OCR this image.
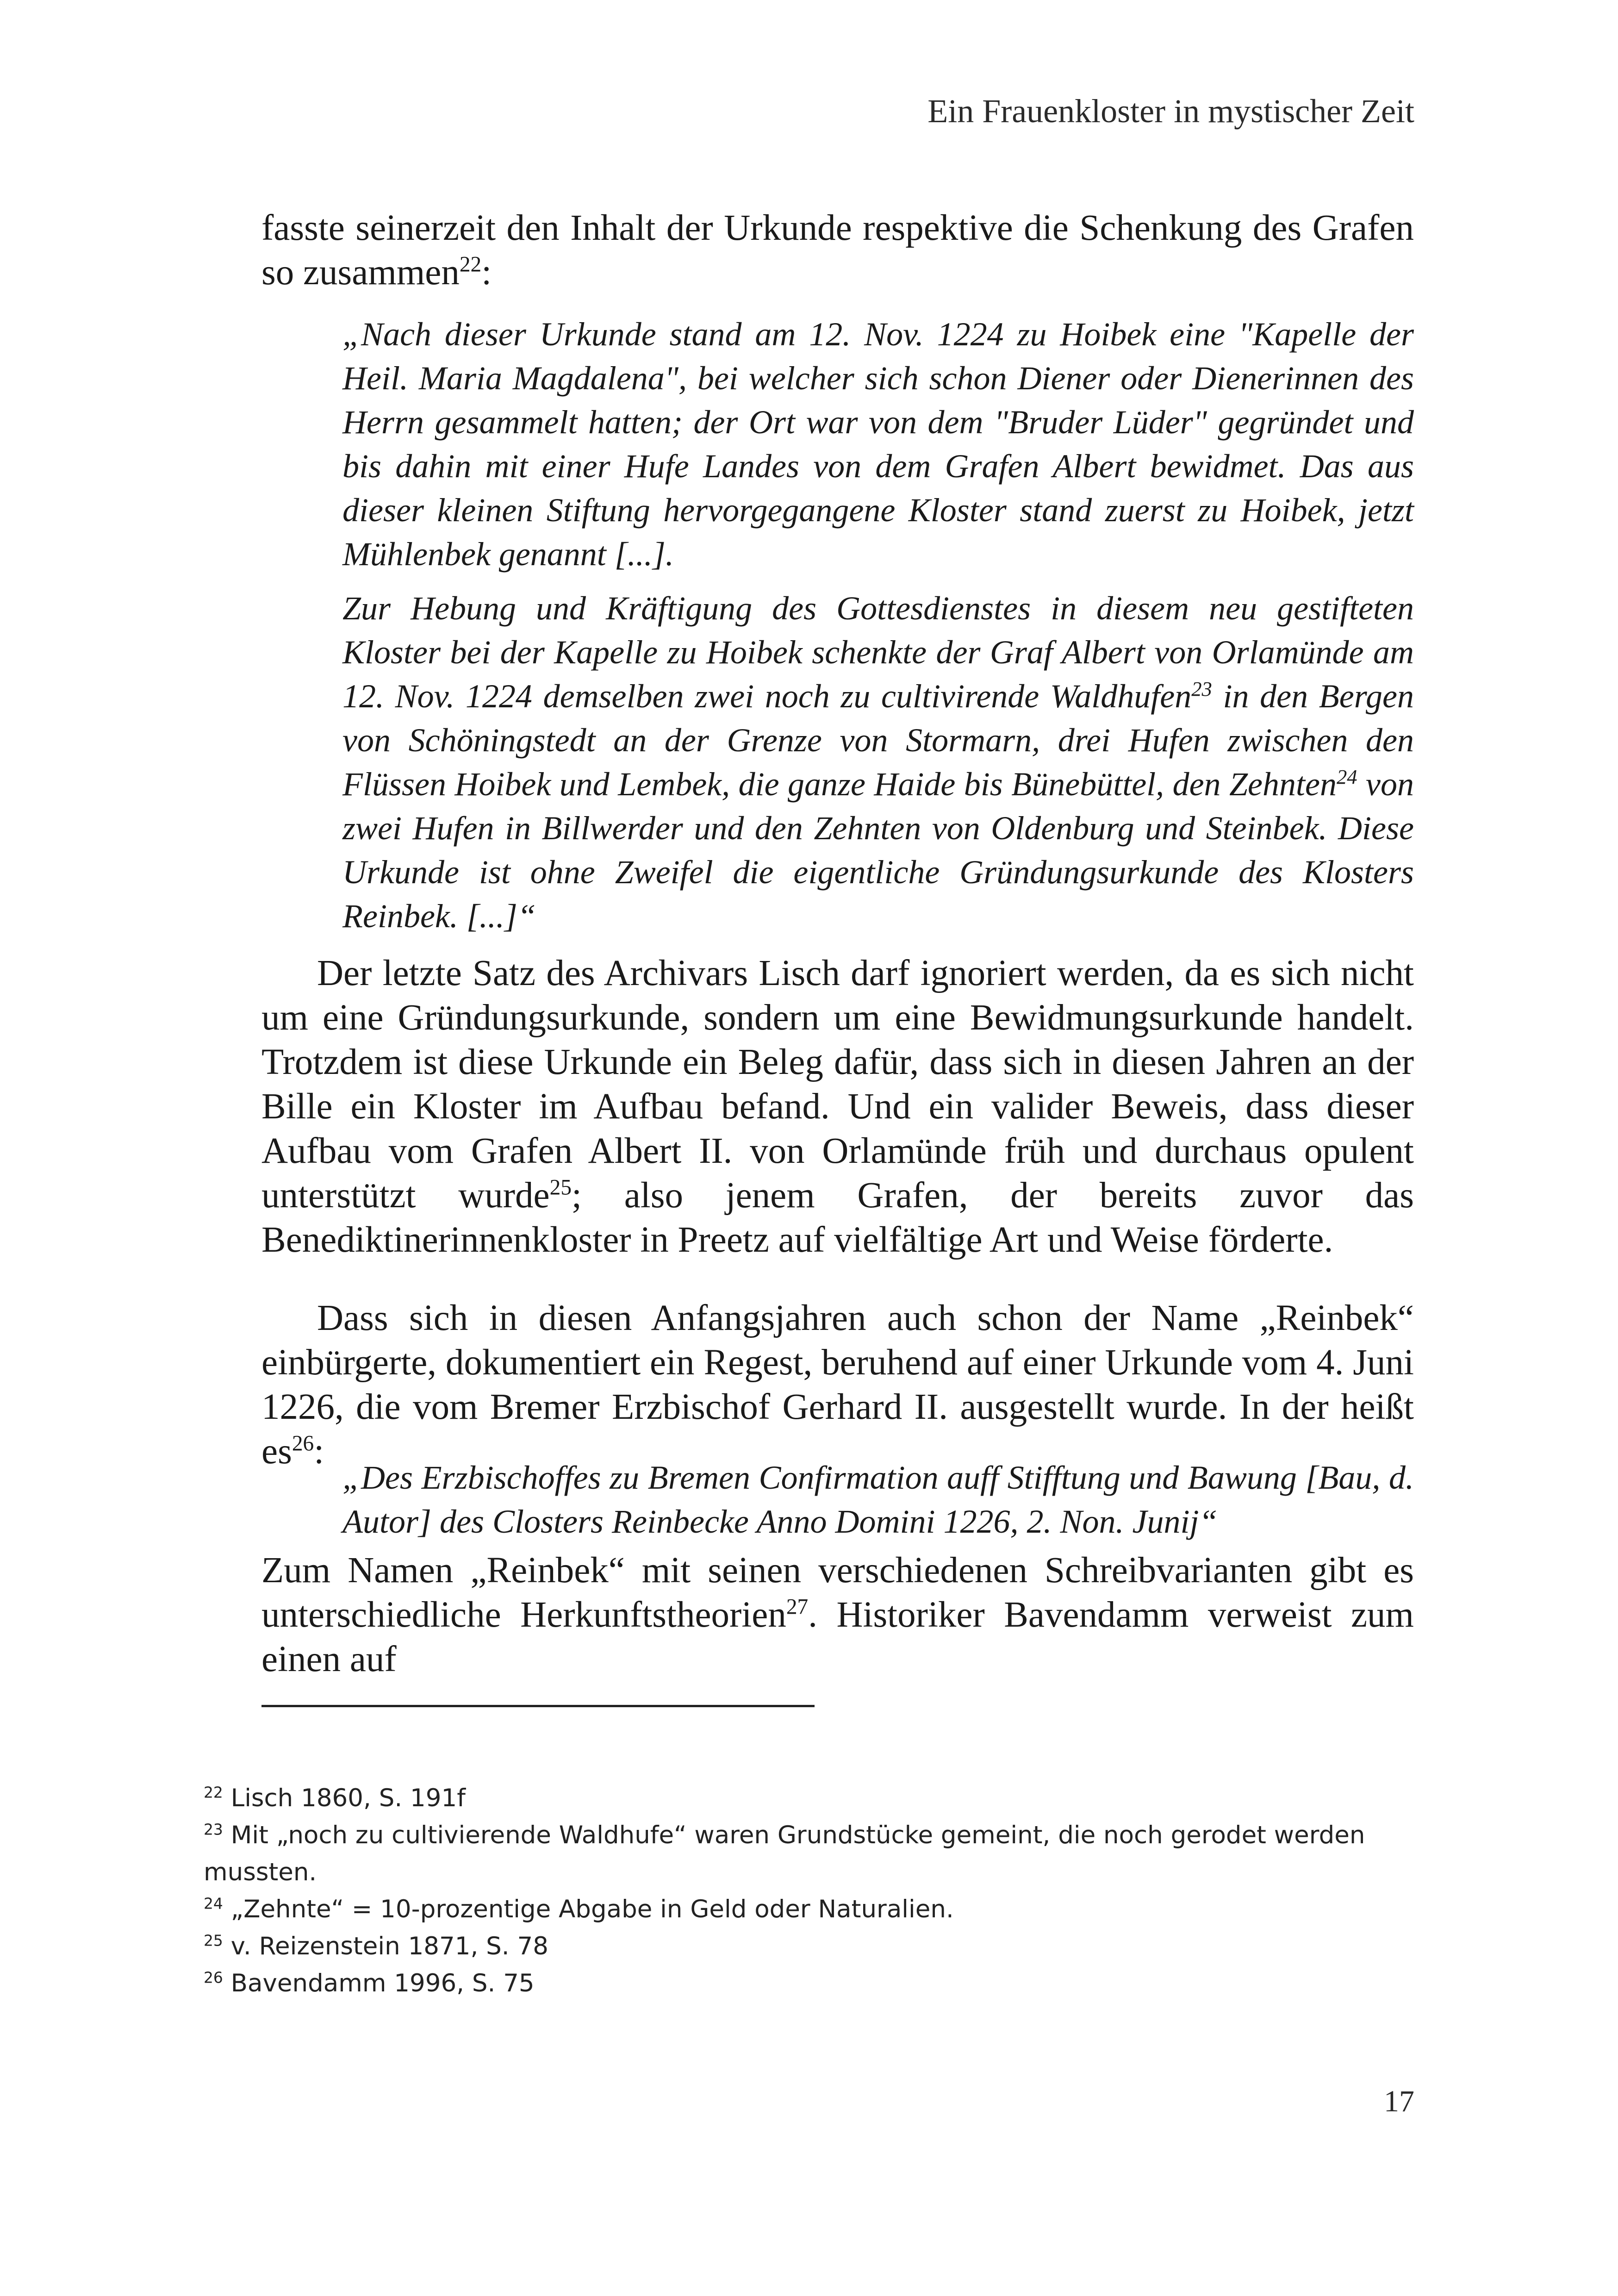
Ein Frauenkloster in mystischer Zeit

fasste seinerzeit den Inhalt der Urkunde respektive die Schenkung des Grafen so zusammen$^{22}$:

„Nach dieser Urkunde stand am 12. Nov. 1224 zu Hoibek eine "Kapelle der Heil. Maria Magdalena", bei welcher sich schon Diener oder Dienerinnen des Herrn gesammelt hatten; der Ort war von dem "Bruder Lüder" gegründet und bis dahin mit einer Hufe Landes von dem Grafen Albert bewidmet. Das aus dieser kleinen Stiftung hervorgegangene Kloster stand zuerst zu Hoibek, jetzt Mühlenbek genannt [...].

Zur Hebung und Kräftigung des Gottesdienstes in diesem neu gestifteten Kloster bei der Kapelle zu Hoibek schenkte der Graf Albert von Orlamünde am 12. Nov. 1224 demselben zwei noch zu cultivirende Waldhufen$^{23}$ in den Bergen von Schöningstedt an der Grenze von Stormarn, drei Hufen zwischen den Flüssen Hoibek und Lembek, die ganze Haide bis Bünebüttel, den Zehnten$^{24}$ von zwei Hufen in Billwerder und den Zehnten von Oldenburg und Steinbek. Diese Urkunde ist ohne Zweifel die eigentliche Gründungsurkunde des Klosters Reinbek. [...]“

Der letzte Satz des Archivars Lisch darf ignoriert werden, da es sich nicht um eine Gründungsurkunde, sondern um eine Bewidmungsurkunde handelt. Trotzdem ist diese Urkunde ein Beleg dafür, dass sich in diesen Jahren an der Bille ein Kloster im Aufbau befand. Und ein valider Beweis, dass dieser Aufbau vom Grafen Albert II. von Orlamünde früh und durchaus opulent unterstützt wurde$^{25}$; also jenem Grafen, der bereits zuvor das Benediktinerinnenkloster in Preetz auf vielfältige Art und Weise förderte.

Dass sich in diesen Anfangsjahren auch schon der Name „Reinbek“ einbürgerte, dokumentiert ein Regest, beruhend auf einer Urkunde vom 4. Juni 1226, die vom Bremer Erzbischof Gerhard II. ausgestellt wurde. In der heißt es$^{26}$:

„Des Erzbischoffes zu Bremen Confirmation auff Stifftung und Bawung [Bau, d. Autor] des Closters Reinbecke Anno Domini 1226, 2. Non. Junij“

Zum Namen „Reinbek“ mit seinen verschiedenen Schreibvarianten gibt es unterschiedliche Herkunftstheorien$^{27}$. Historiker Bavendamm verweist zum einen auf

$^{22}$ Lisch 1860, S. 191f

$^{23}$ Mit „noch zu cultivierende Waldhufe“ waren Grundstücke gemeint, die noch gerodet werden mussten.

$^{24}$ „Zehnte“ = 10-prozentige Abgabe in Geld oder Naturalien.

$^{25}$ v. Reizenstein 1871, S. 78

$^{26}$ Bavendamm 1996, S. 75

17
